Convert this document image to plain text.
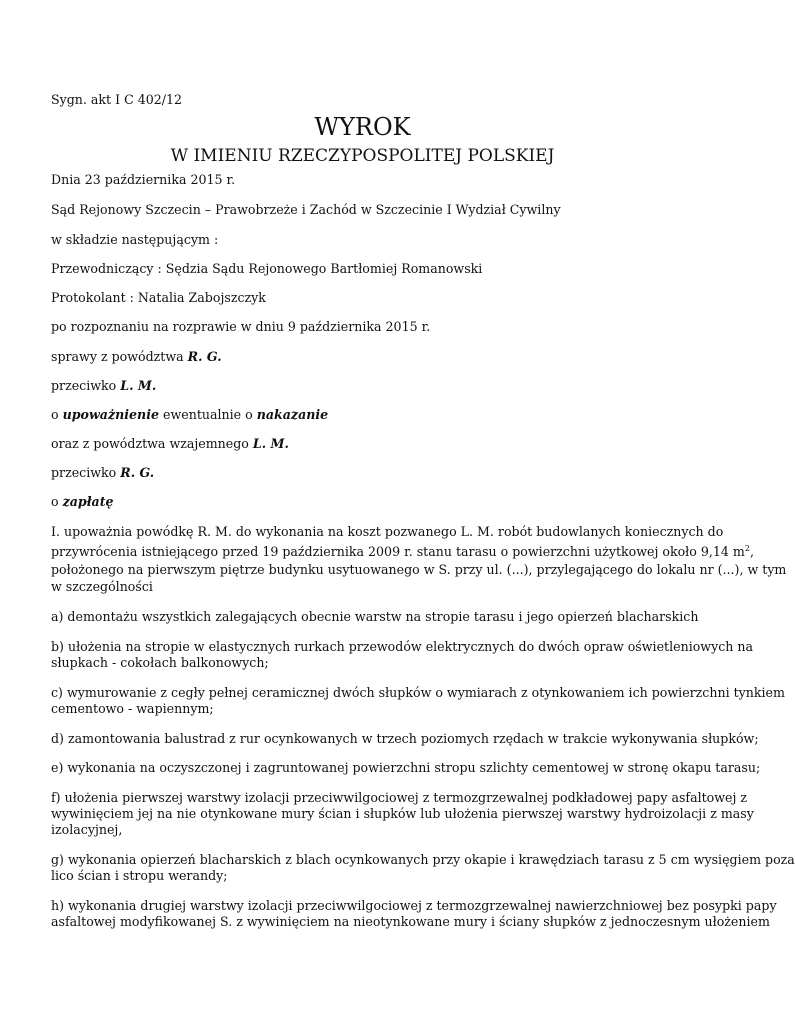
Sygn. akt I C 402/12
WYROK
W IMIENIU RZECZYPOSPOLITEJ POLSKIEJ
Dnia 23 października 2015 r.
Sąd Rejonowy Szczecin – Prawobrzeże i Zachód w Szczecinie I Wydział Cywilny
w składzie następującym :
Przewodniczący : Sędzia Sądu Rejonowego Bartłomiej Romanowski
Protokolant : Natalia Zabojszczyk
po rozpoznaniu na rozprawie w dniu 9 października 2015 r.
sprawy z powództwa R. G.
przeciwko L. M.
o upoważnienie ewentualnie o nakazanie
oraz z powództwa wzajemnego L. M.
przeciwko R. G.
o zapłatę
I. upoważnia powódkę R. M. do wykonania na koszt pozwanego L. M. robót budowlanych koniecznych do
przywrócenia istniejącego przed 19 października 2009 r. stanu tarasu o powierzchni użytkowej około 9,14 $m^2$,
położonego na pierwszym piętrze budynku usytuowanego w S. przy ul. (...), przylegającego do lokalu nr (...), w tym
w szczególności
a) demontażu wszystkich zalegających obecnie warstw na stropie tarasu i jego opierzeń blacharskich
b) ułożenia na stropie w elastycznych rurkach przewodów elektrycznych do dwóch opraw oświetleniowych na
słupkach - cokołach balkonowych;
c) wymurowanie z cegły pełnej ceramicznej dwóch słupków o wymiarach z otynkowaniem ich powierzchni tynkiem
cementowo - wapiennym;
d) zamontowania balustrad z rur ocynkowanych w trzech poziomych rzędach w trakcie wykonywania słupków;
e) wykonania na oczyszczonej i zagruntowanej powierzchni stropu szlichty cementowej w stronę okapu tarasu;
f) ułożenia pierwszej warstwy izolacji przeciwwilgociowej z termozgrzewalnej podkładowej papy asfaltowej z
wywinięciem jej na nie otynkowane mury ścian i słupków lub ułożenia pierwszej warstwy hydroizolacji z masy
izolacyjnej,
g) wykonania opierzeń blacharskich z blach ocynkowanych przy okapie i krawędziach tarasu z 5 cm wysięgiem poza
lico ścian i stropu werandy;
h) wykonania drugiej warstwy izolacji przeciwwilgociowej z termozgrzewalnej nawierzchniowej bez posypki papy
asfaltowej modyfikowanej S. z wywinięciem na nieotynkowane mury i ściany słupków z jednoczesnym ułożeniem
